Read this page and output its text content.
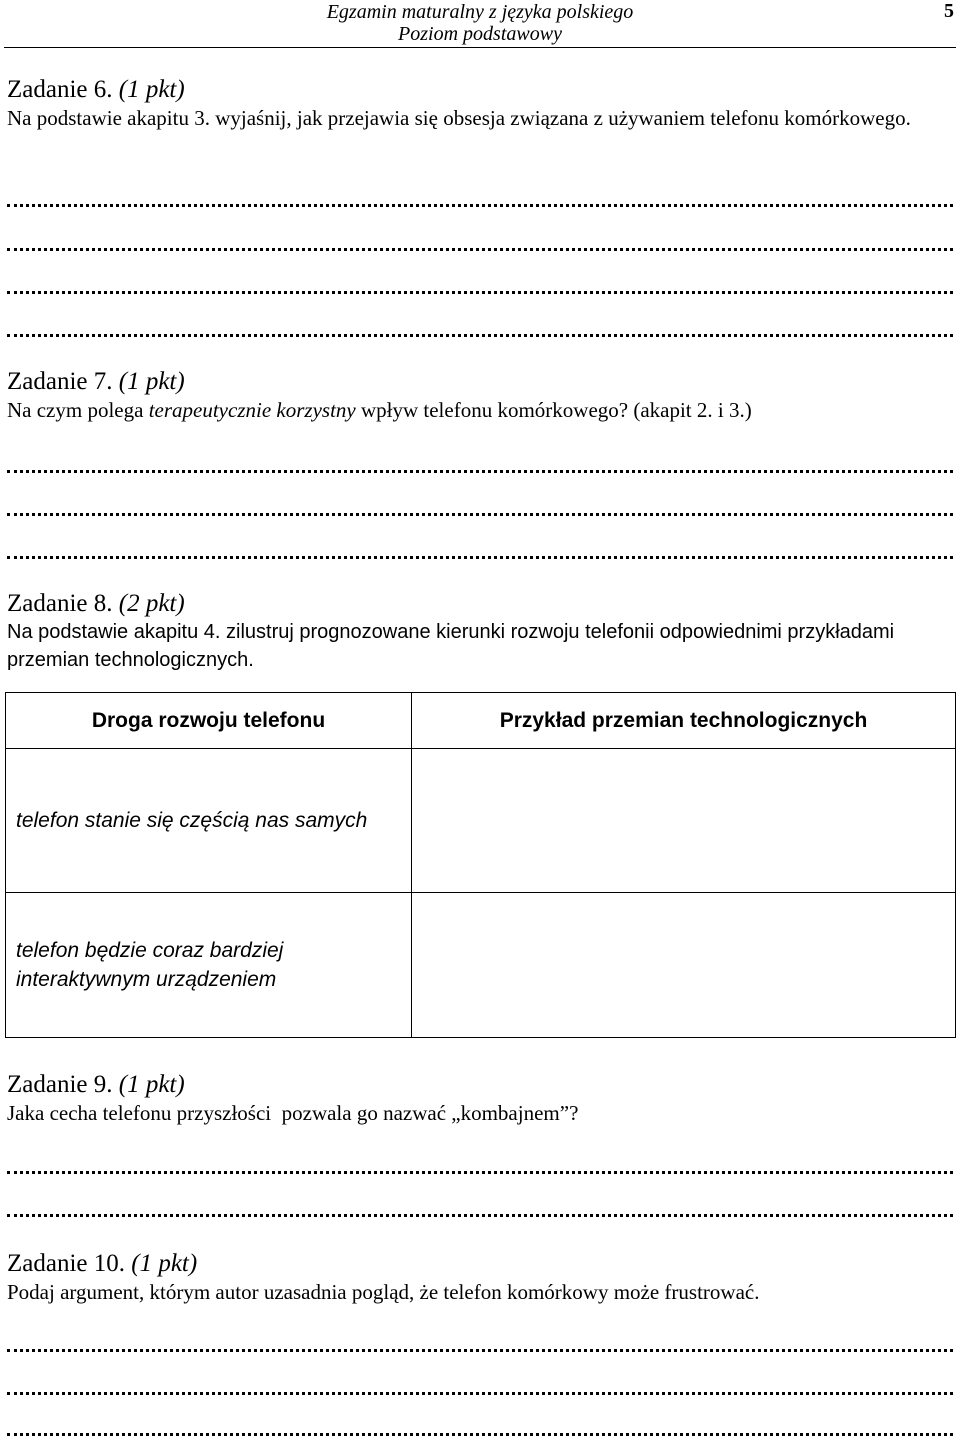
Egzamin maturalny z języka polskiego
Poziom podstawowy
5
Zadanie 6. (1 pkt)
Na podstawie akapitu 3. wyjaśnij, jak przejawia się obsesja związana z używaniem telefonu komórkowego.
Zadanie 7. (1 pkt)
Na czym polega terapeutycznie korzystny wpływ telefonu komórkowego? (akapit 2. i 3.)
Zadanie 8. (2 pkt)
Na podstawie akapitu 4. zilustruj prognozowane kierunki rozwoju telefonii odpowiednimi przykładami przemian technologicznych.
Droga rozwoju telefonu	Przykład przemian technologicznych
telefon stanie się częścią nas samych	
telefon będzie coraz bardziej interaktywnym urządzeniem	
Zadanie 9. (1 pkt)
Jaka cecha telefonu przyszłości  pozwala go nazwać „kombajnem”?
Zadanie 10. (1 pkt)
Podaj argument, którym autor uzasadnia pogląd, że telefon komórkowy może frustrować.
